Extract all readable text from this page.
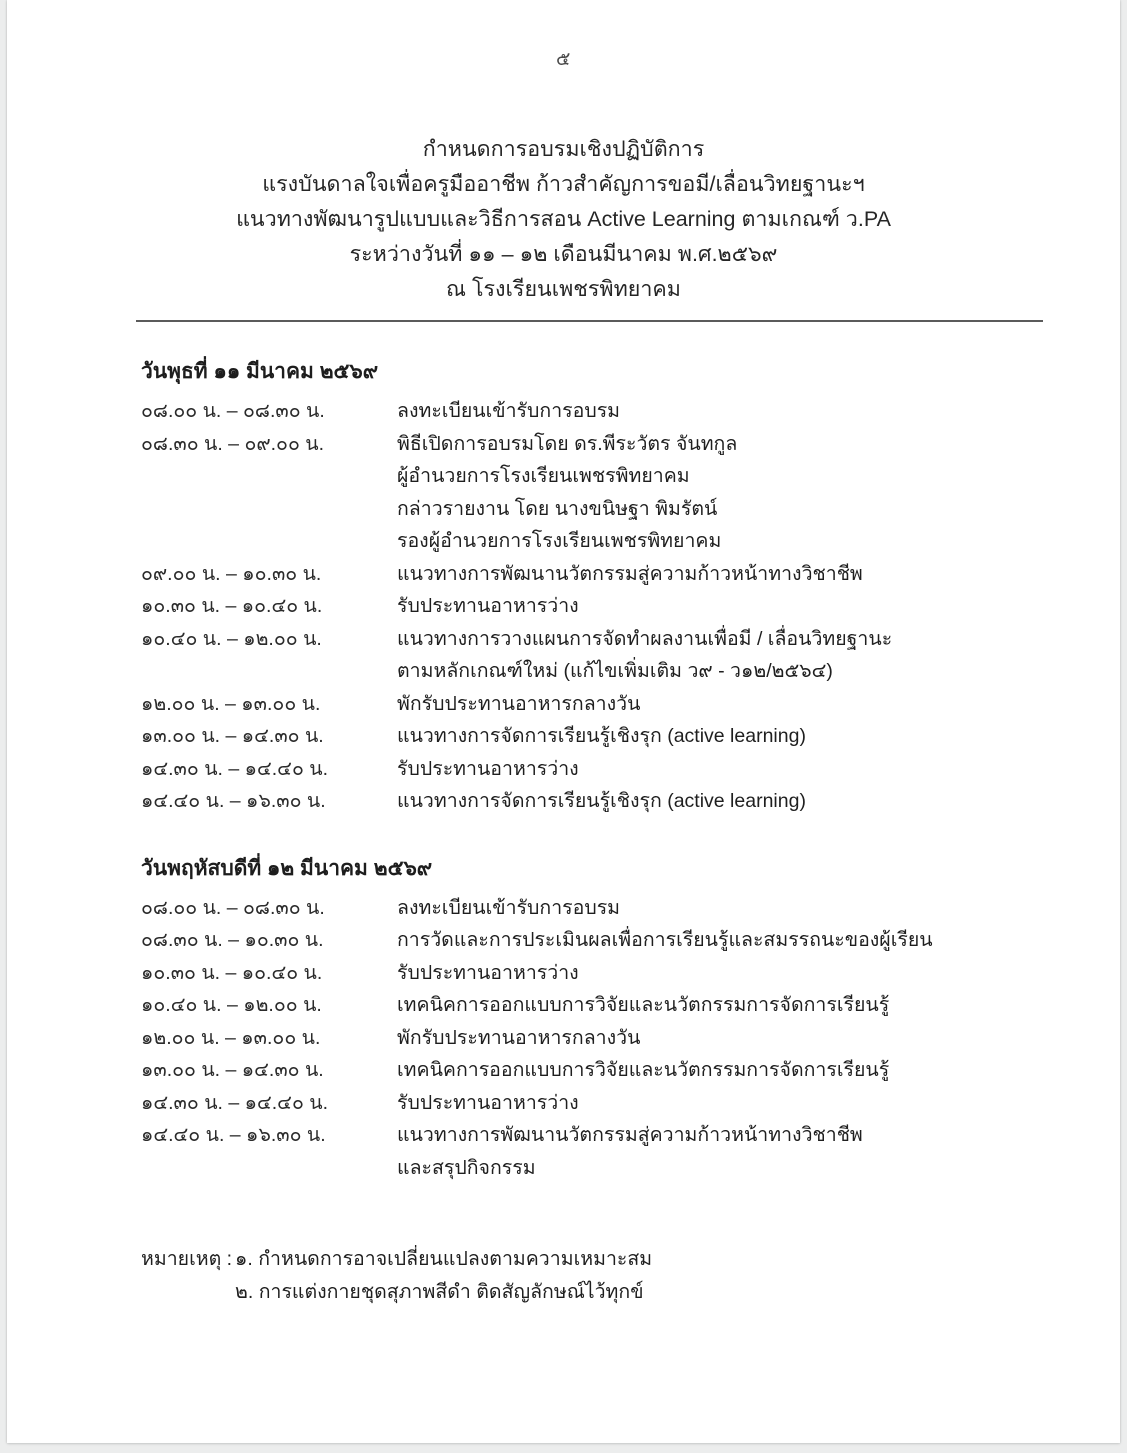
๕
กำหนดการอบรมเชิงปฏิบัติการ
แรงบันดาลใจเพื่อครูมืออาชีพ ก้าวสำคัญการขอมี/เลื่อนวิทยฐานะฯ
แนวทางพัฒนารูปแบบและวิธีการสอน Active Learning ตามเกณฑ์ ว.PA
ระหว่างวันที่ ๑๑ – ๑๒ เดือนมีนาคม พ.ศ.๒๕๖๙
ณ โรงเรียนเพชรพิทยาคม
วันพุธที่ ๑๑ มีนาคม ๒๕๖๙
๐๘.๐๐ น. – ๐๘.๓๐ น.	ลงทะเบียนเข้ารับการอบรม
๐๘.๓๐ น. – ๐๙.๐๐ น.	พิธีเปิดการอบรมโดย ดร.พีระวัตร จันทกูล
ผู้อำนวยการโรงเรียนเพชรพิทยาคม
กล่าวรายงาน โดย นางขนิษฐา พิมรัตน์
รองผู้อำนวยการโรงเรียนเพชรพิทยาคม
๐๙.๐๐ น. – ๑๐.๓๐ น.	แนวทางการพัฒนานวัตกรรมสู่ความก้าวหน้าทางวิชาชีพ
๑๐.๓๐ น. – ๑๐.๔๐ น.	รับประทานอาหารว่าง
๑๐.๔๐ น. – ๑๒.๐๐ น.	แนวทางการวางแผนการจัดทำผลงานเพื่อมี / เลื่อนวิทยฐานะ
ตามหลักเกณฑ์ใหม่ (แก้ไขเพิ่มเติม ว๙ - ว๑๒/๒๕๖๔)
๑๒.๐๐ น. – ๑๓.๐๐ น.	พักรับประทานอาหารกลางวัน
๑๓.๐๐ น. – ๑๔.๓๐ น.	แนวทางการจัดการเรียนรู้เชิงรุก (active learning)
๑๔.๓๐ น. – ๑๔.๔๐ น.	รับประทานอาหารว่าง
๑๔.๔๐ น. – ๑๖.๓๐ น.	แนวทางการจัดการเรียนรู้เชิงรุก (active learning)
วันพฤหัสบดีที่ ๑๒ มีนาคม ๒๕๖๙
๐๘.๐๐ น. – ๐๘.๓๐ น.	ลงทะเบียนเข้ารับการอบรม
๐๘.๓๐ น. – ๑๐.๓๐ น.	การวัดและการประเมินผลเพื่อการเรียนรู้และสมรรถนะของผู้เรียน
๑๐.๓๐ น. – ๑๐.๔๐ น.	รับประทานอาหารว่าง
๑๐.๔๐ น. – ๑๒.๐๐ น.	เทคนิคการออกแบบการวิจัยและนวัตกรรมการจัดการเรียนรู้
๑๒.๐๐ น. – ๑๓.๐๐ น.	พักรับประทานอาหารกลางวัน
๑๓.๐๐ น. – ๑๔.๓๐ น.	เทคนิคการออกแบบการวิจัยและนวัตกรรมการจัดการเรียนรู้
๑๔.๓๐ น. – ๑๔.๔๐ น.	รับประทานอาหารว่าง
๑๔.๔๐ น. – ๑๖.๓๐ น.	แนวทางการพัฒนานวัตกรรมสู่ความก้าวหน้าทางวิชาชีพ
และสรุปกิจกรรม
หมายเหตุ : ๑. กำหนดการอาจเปลี่ยนแปลงตามความเหมาะสม
๒. การแต่งกายชุดสุภาพสีดำ ติดสัญลักษณ์ไว้ทุกข์
